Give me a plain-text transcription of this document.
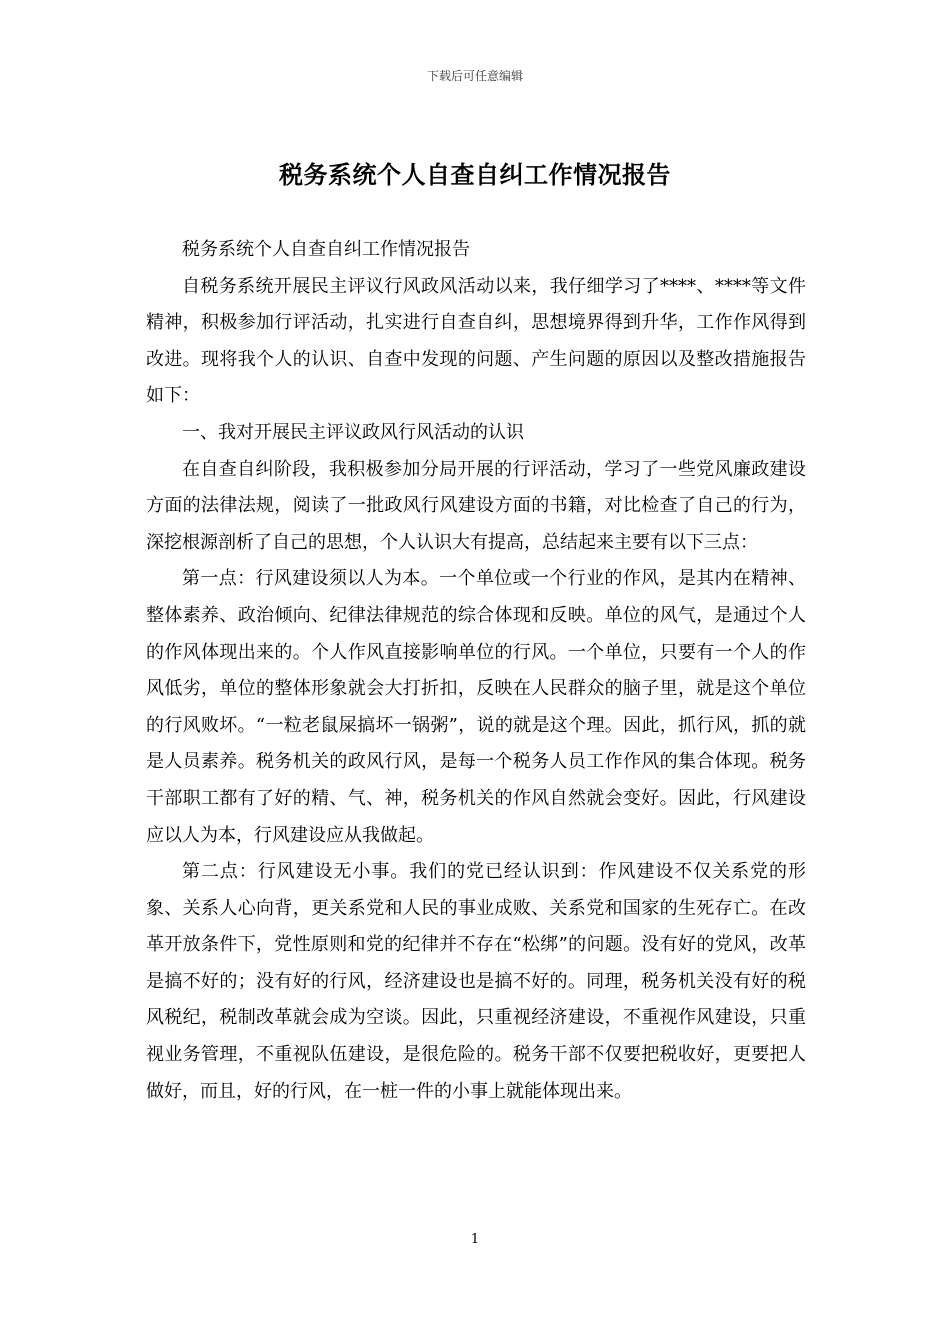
下载后可任意编辑
税务系统个人自查自纠工作情况报告

税务系统个人自查自纠工作情况报告

自税务系统开展民主评议行风政风活动以来，我仔细学习了****、****等文件精神，积极参加行评活动，扎实进行自查自纠，思想境界得到升华，工作作风得到改进。现将我个人的认识、自查中发现的问题、产生问题的原因以及整改措施报告如下：

一、我对开展民主评议政风行风活动的认识

在自查自纠阶段，我积极参加分局开展的行评活动，学习了一些党风廉政建设方面的法律法规，阅读了一批政风行风建设方面的书籍，对比检查了自己的行为，深挖根源剖析了自己的思想，个人认识大有提高，总结起来主要有以下三点：

第一点：行风建设须以人为本。一个单位或一个行业的作风，是其内在精神、整体素养、政治倾向、纪律法律规范的综合体现和反映。单位的风气，是通过个人的作风体现出来的。个人作风直接影响单位的行风。一个单位，只要有一个人的作风低劣，单位的整体形象就会大打折扣，反映在人民群众的脑子里，就是这个单位的行风败坏。“一粒老鼠屎搞坏一锅粥”，说的就是这个理。因此，抓行风，抓的就是人员素养。税务机关的政风行风，是每一个税务人员工作作风的集合体现。税务干部职工都有了好的精、气、神，税务机关的作风自然就会变好。因此，行风建设应以人为本，行风建设应从我做起。

第二点：行风建设无小事。我们的党已经认识到：作风建设不仅关系党的形象、关系人心向背，更关系党和人民的事业成败、关系党和国家的生死存亡。在改革开放条件下，党性原则和党的纪律并不存在“松绑”的问题。没有好的党风，改革是搞不好的；没有好的行风，经济建设也是搞不好的。同理，税务机关没有好的税风税纪，税制改革就会成为空谈。因此，只重视经济建设，不重视作风建设，只重视业务管理，不重视队伍建设，是很危险的。税务干部不仅要把税收好，更要把人做好，而且，好的行风，在一桩一件的小事上就能体现出来。

1
